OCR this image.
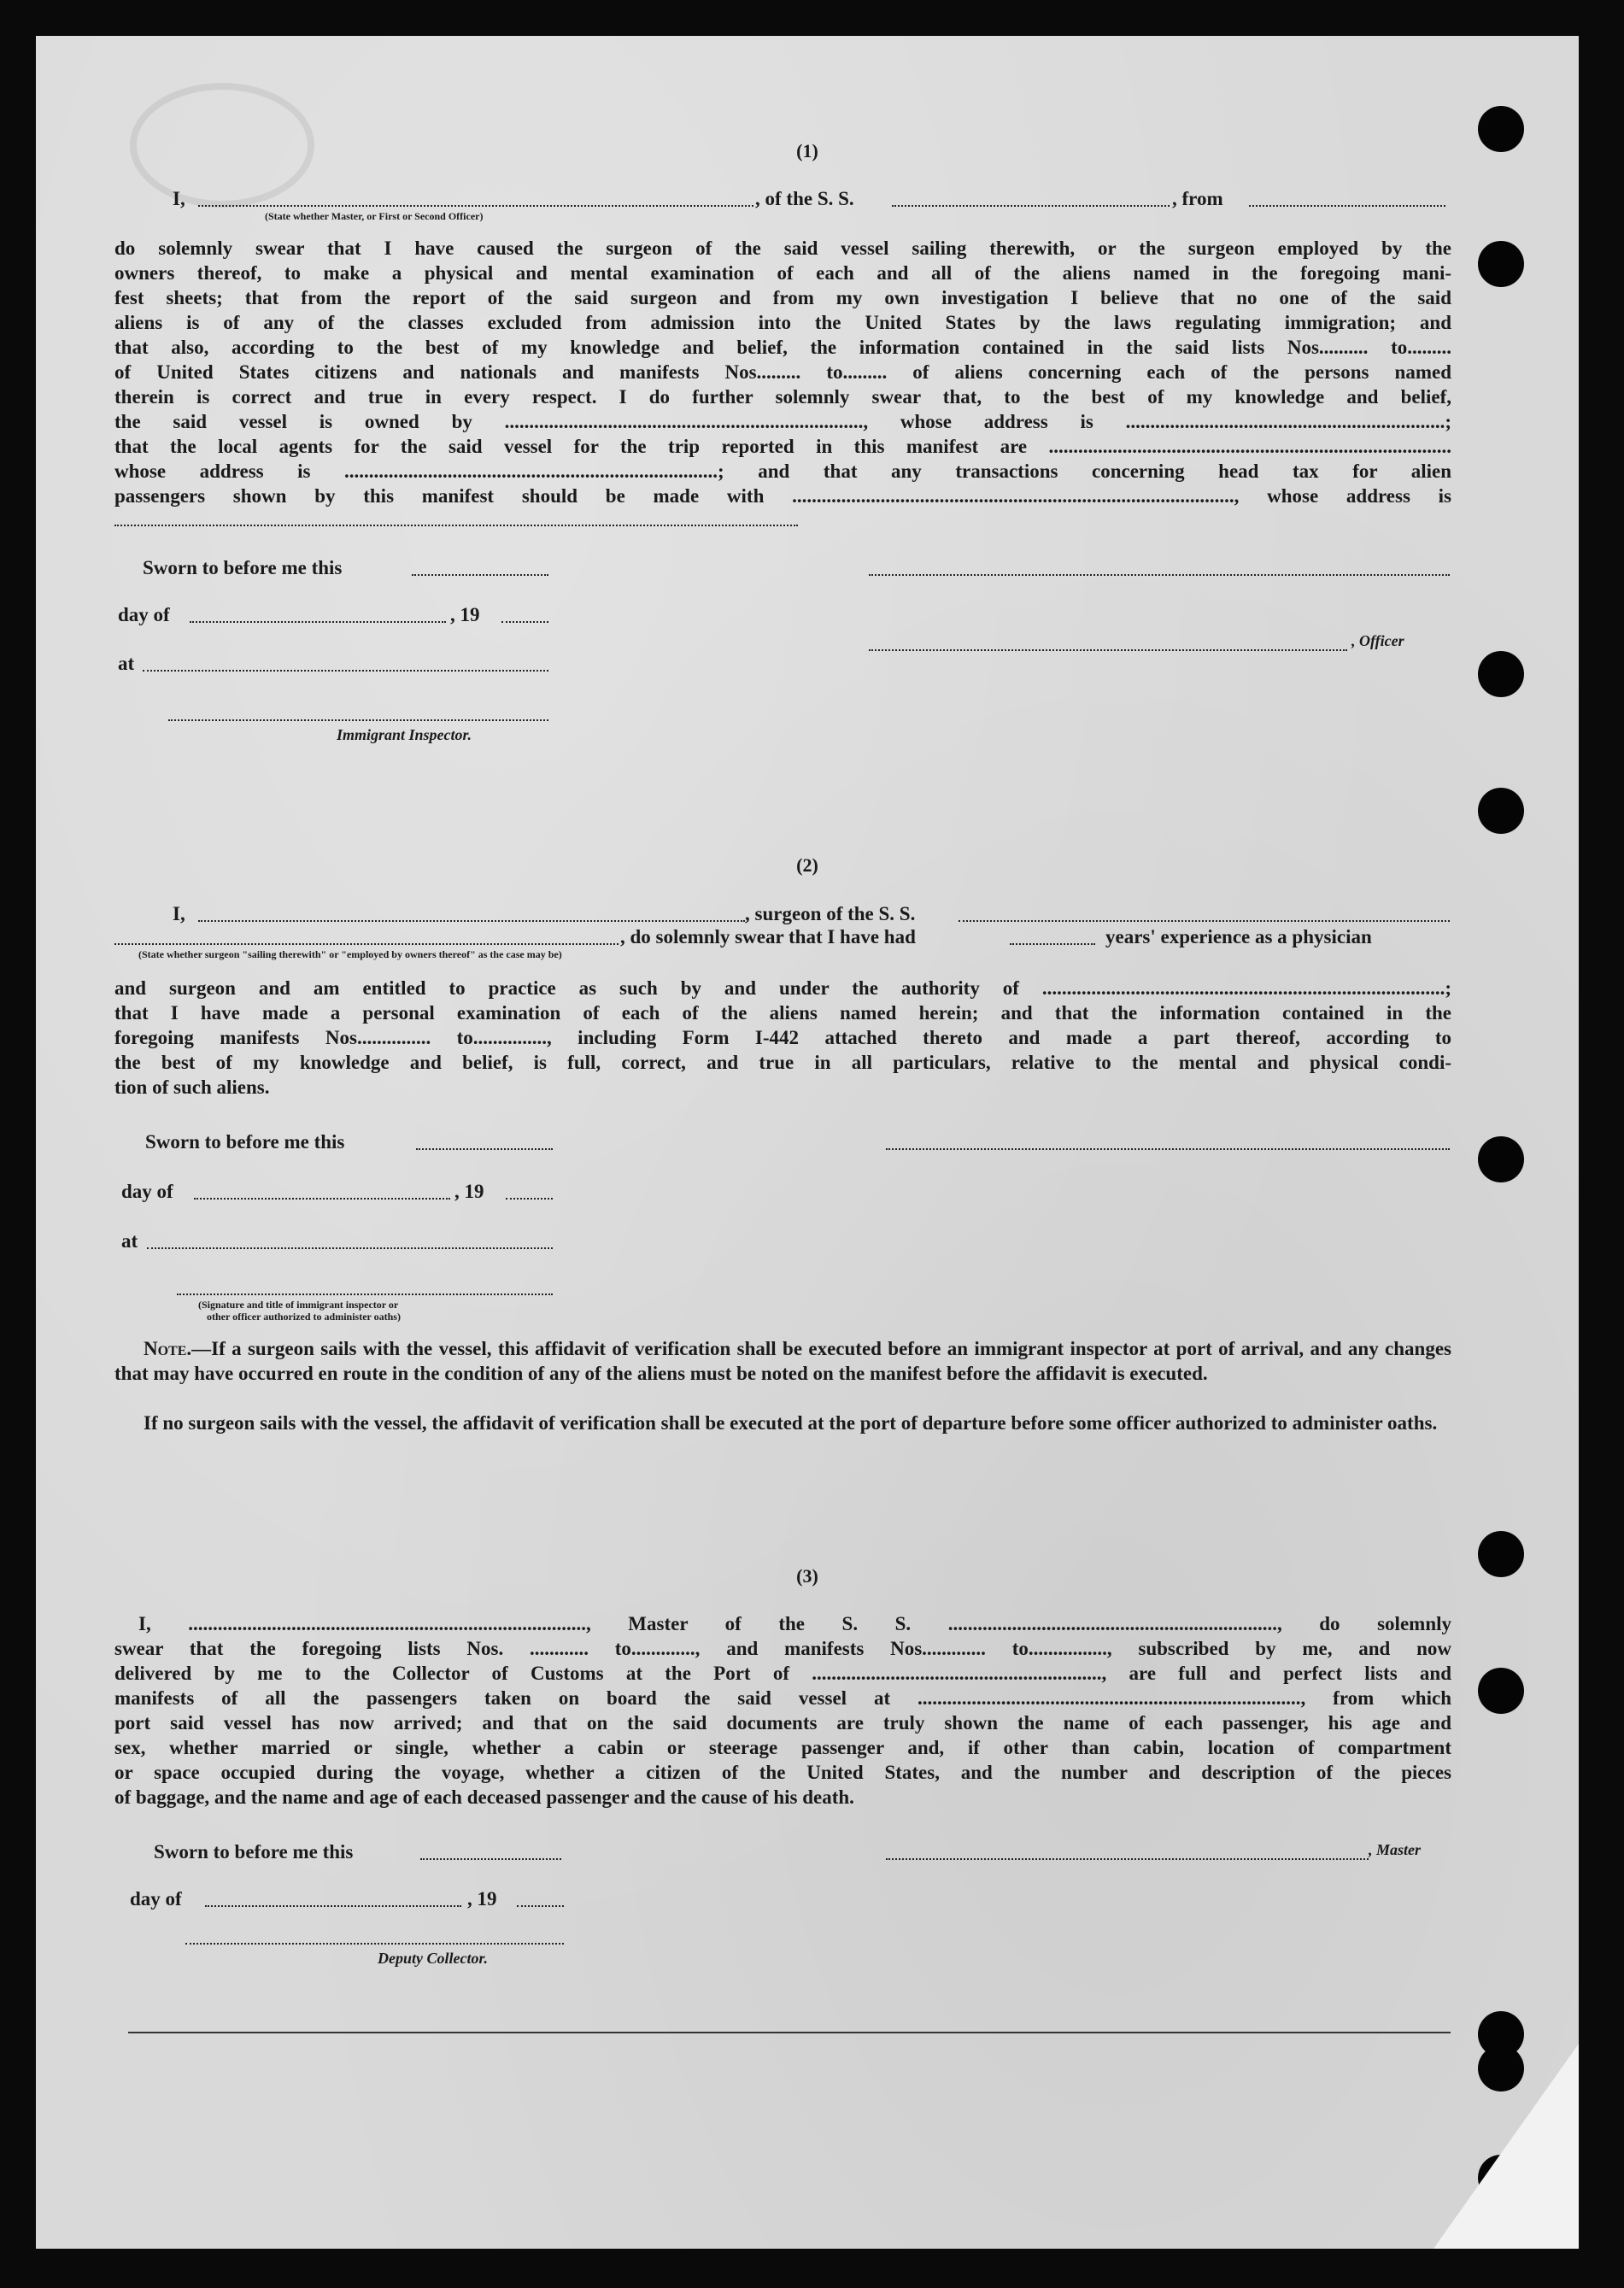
(1)
I,	, of the S. S.	, from
(State whether Master, or First or Second Officer)
do solemnly swear that I have caused the surgeon of the said vessel sailing therewith, or the surgeon employed by the
owners thereof, to make a physical and mental examination of each and all of the aliens named in the foregoing mani-
fest sheets; that from the report of the said surgeon and from my own investigation I believe that no one of the said
aliens is of any of the classes excluded from admission into the United States by the laws regulating immigration; and
that also, according to the best of my knowledge and belief, the information contained in the said lists Nos.......... to.........
of United States citizens and nationals and manifests Nos......... to......... of aliens concerning each of the persons named
therein is correct and true in every respect. I do further solemnly swear that, to the best of my knowledge and belief,
the said vessel is owned by ........................................................................., whose address is .................................................................;
that the local agents for the said vessel for the trip reported in this manifest are ..................................................................................
whose address is ............................................................................; and that any transactions concerning head tax for alien
passengers shown by this manifest should be made with .........................................................................................., whose address is
Sworn to before me this
day of	, 19
, Officer
at
Immigrant Inspector.
(2)
I,	, surgeon of the S. S.
, do solemnly swear that I have had	years' experience as a physician
(State whether surgeon "sailing therewith" or "employed by owners thereof" as the case may be)
and surgeon and am entitled to practice as such by and under the authority of ..................................................................................;
that I have made a personal examination of each of the aliens named herein; and that the information contained in the
foregoing manifests Nos............... to..............., including Form I-442 attached thereto and made a part thereof, according to
the best of my knowledge and belief, is full, correct, and true in all particulars, relative to the mental and physical condi-
tion of such aliens.
Sworn to before me this
day of	, 19
at
(Signature and title of immigrant inspector or
other officer authorized to administer oaths)
Note.—If a surgeon sails with the vessel, this affidavit of verification shall be executed before an immigrant inspector at port of arrival, and any changes that may have occurred en route in the condition of any of the aliens must be noted on the manifest before the affidavit is executed.
If no surgeon sails with the vessel, the affidavit of verification shall be executed at the port of departure before some officer authorized to administer oaths.
(3)
I, ................................................................................., Master of the S. S. ..................................................................., do solemnly
swear that the foregoing lists Nos. ............ to............., and manifests Nos............. to................, subscribed by me, and now
delivered by me to the Collector of Customs at the Port of ..........................................................., are full and perfect lists and
manifests of all the passengers taken on board the said vessel at .............................................................................., from which
port said vessel has now arrived; and that on the said documents are truly shown the name of each passenger, his age and
sex, whether married or single, whether a cabin or steerage passenger and, if other than cabin, location of compartment
or space occupied during the voyage, whether a citizen of the United States, and the number and description of the pieces
of baggage, and the name and age of each deceased passenger and the cause of his death.
Sworn to before me this	, Master
day of	, 19
Deputy Collector.
